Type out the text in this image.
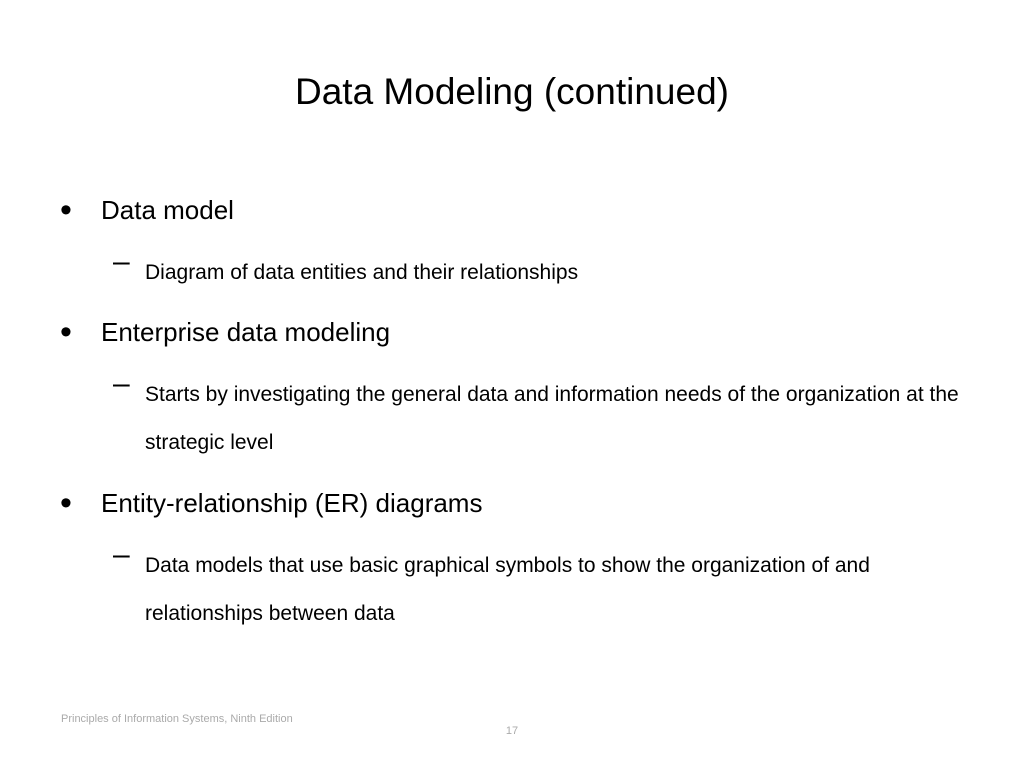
Data Modeling (continued)
• Data model
– Diagram of data entities and their relationships
• Enterprise data modeling
– Starts by investigating the general data and information needs of the organization at the strategic level
• Entity-relationship (ER) diagrams
– Data models that use basic graphical symbols to show the organization of and relationships between data
Principles of Information Systems, Ninth Edition
17
